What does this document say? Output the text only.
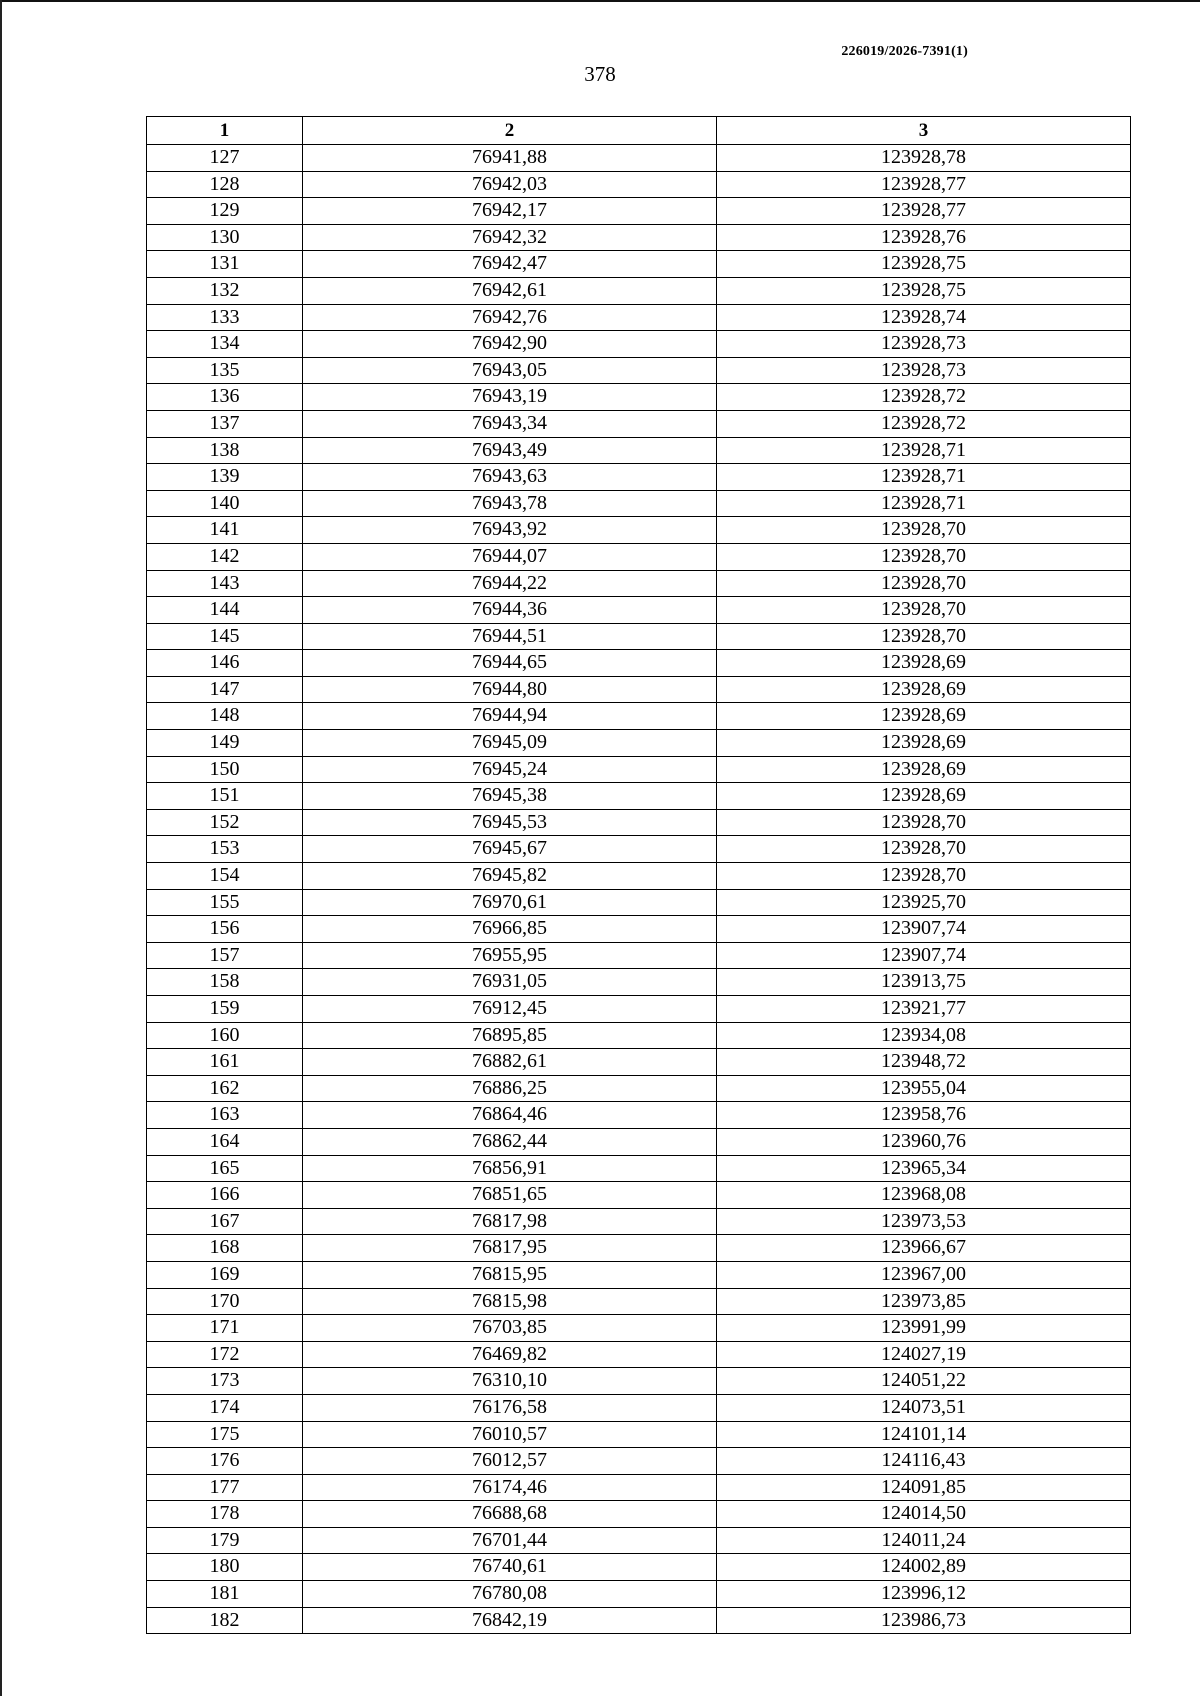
226019/2026-7391(1)
378
1	2	3
127	76941,88	123928,78
128	76942,03	123928,77
129	76942,17	123928,77
130	76942,32	123928,76
131	76942,47	123928,75
132	76942,61	123928,75
133	76942,76	123928,74
134	76942,90	123928,73
135	76943,05	123928,73
136	76943,19	123928,72
137	76943,34	123928,72
138	76943,49	123928,71
139	76943,63	123928,71
140	76943,78	123928,71
141	76943,92	123928,70
142	76944,07	123928,70
143	76944,22	123928,70
144	76944,36	123928,70
145	76944,51	123928,70
146	76944,65	123928,69
147	76944,80	123928,69
148	76944,94	123928,69
149	76945,09	123928,69
150	76945,24	123928,69
151	76945,38	123928,69
152	76945,53	123928,70
153	76945,67	123928,70
154	76945,82	123928,70
155	76970,61	123925,70
156	76966,85	123907,74
157	76955,95	123907,74
158	76931,05	123913,75
159	76912,45	123921,77
160	76895,85	123934,08
161	76882,61	123948,72
162	76886,25	123955,04
163	76864,46	123958,76
164	76862,44	123960,76
165	76856,91	123965,34
166	76851,65	123968,08
167	76817,98	123973,53
168	76817,95	123966,67
169	76815,95	123967,00
170	76815,98	123973,85
171	76703,85	123991,99
172	76469,82	124027,19
173	76310,10	124051,22
174	76176,58	124073,51
175	76010,57	124101,14
176	76012,57	124116,43
177	76174,46	124091,85
178	76688,68	124014,50
179	76701,44	124011,24
180	76740,61	124002,89
181	76780,08	123996,12
182	76842,19	123986,73
